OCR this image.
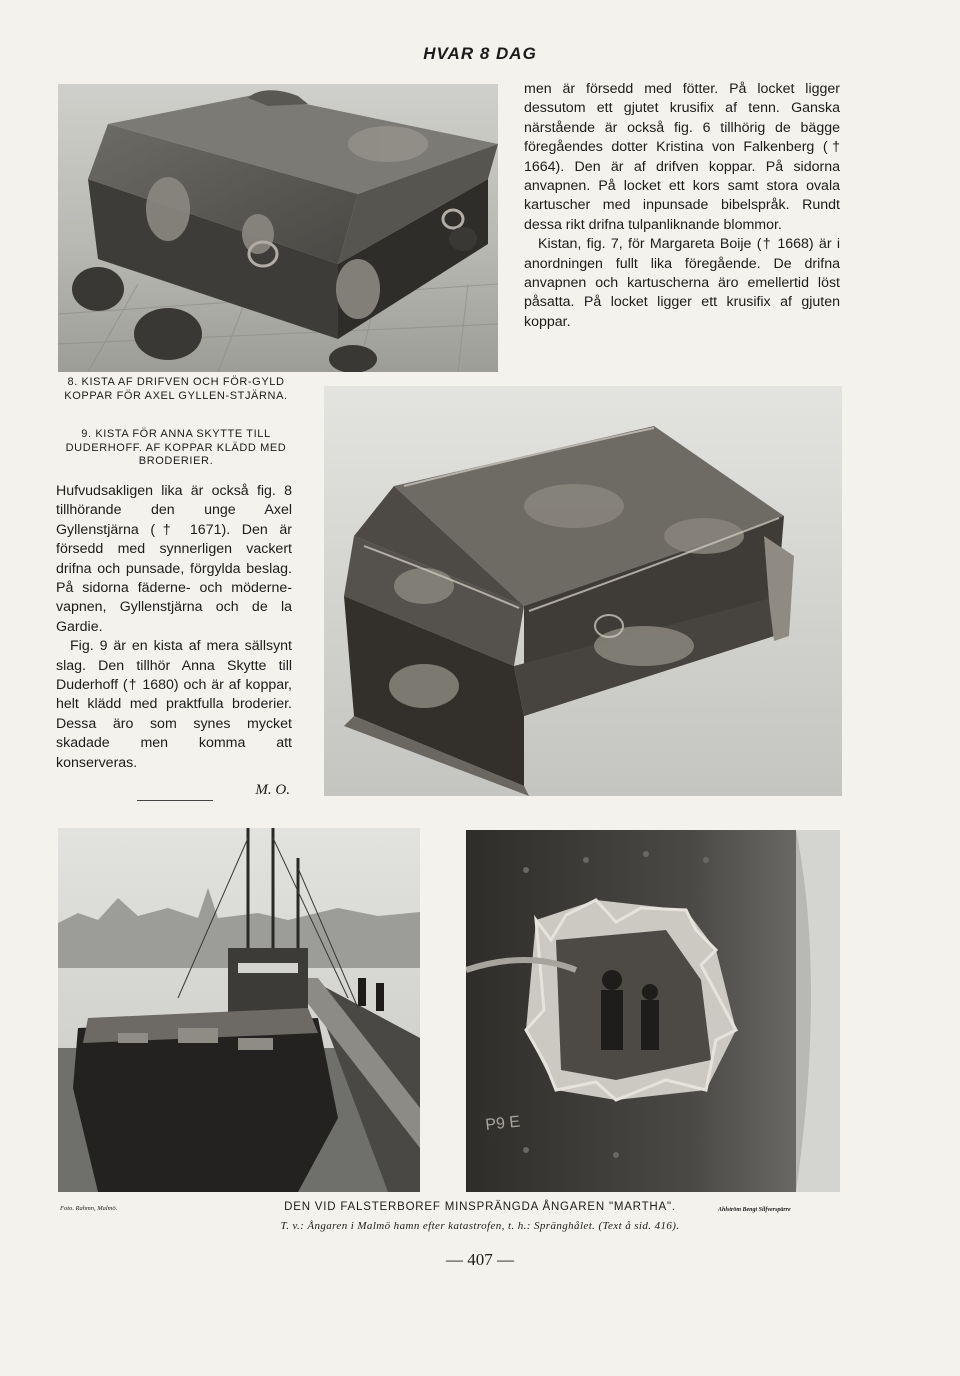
HVAR 8 DAG

men är försedd med fötter. På locket ligger dessutom ett gjutet krusifix af tenn. Ganska närstående är också fig. 6 tillhörig de bägge föregåendes dotter Kristina von Falkenberg († 1664). Den är af drifven koppar. På sidorna anvapnen. På locket ett kors samt stora ovala kartuscher med inpunsade bibelspråk. Rundt dessa rikt drifna tulpanliknande blommor.

Kistan, fig. 7, för Margareta Boije († 1668) är i anordningen fullt lika föregående. De drifna anvapnen och kartuscherna äro emellertid löst påsatta. På locket ligger ett krusifix af gjuten koppar.

8. KISTA AF DRIFVEN OCH FÖR-GYLD KOPPAR FÖR AXEL GYLLEN-STJÄRNA.
9. KISTA FÖR ANNA SKYTTE TILL DUDERHOFF. AF KOPPAR KLÄDD MED BRODERIER.

Hufvudsakligen lika är också fig. 8 tillhörande den unge Axel Gyllenstjärna († 1671). Den är försedd med synnerligen vackert drifna och punsade, förgylda beslag. På sidorna fäderne- och möderne-vapnen, Gyllenstjärna och de la Gardie.

Fig. 9 är en kista af mera sällsynt slag. Den tillhör Anna Skytte till Duderhoff († 1680) och är af koppar, helt klädd med praktfulla broderier. Dessa äro som synes mycket skadade men komma att konserveras.

M. O.
P9 E
Foto. Rahmn, Malmö.	Ahlström Bengt Silfverspärre
DEN VID FALSTERBOREF MINSPRÄNGDA ÅNGAREN "MARTHA".
T. v.: Ångaren i Malmö hamn efter katastrofen, t. h.: Spränghålet. (Text å sid. 416).
— 407 —
